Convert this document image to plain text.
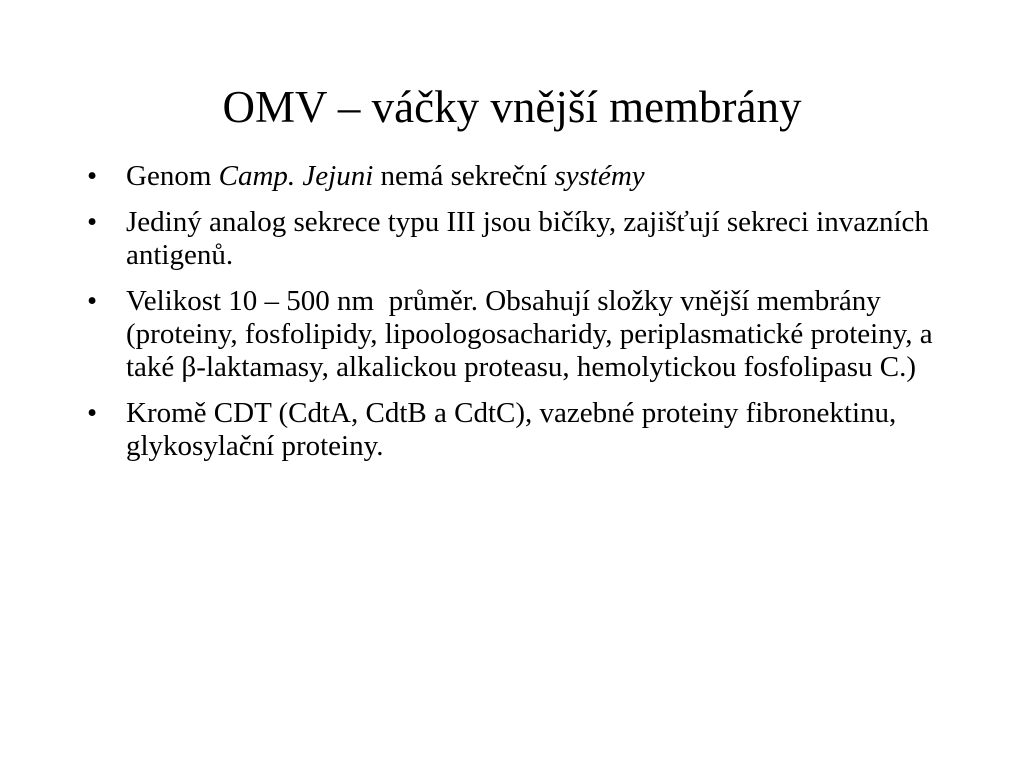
OMV – váčky vnější membrány
• Genom Camp. Jejuni nemá sekreční systémy
• Jediný analog sekrece typu III jsou bičíky, zajišťují sekreci invazních antigenů.
• Velikost 10 – 500 nm  průměr. Obsahují složky vnější membrány (proteiny, fosfolipidy, lipoologosacharidy, periplasmatické proteiny, a také β-laktamasy, alkalickou proteasu, hemolytickou fosfolipasu C.)
• Kromě CDT (CdtA, CdtB a CdtC), vazebné proteiny fibronektinu, glykosylační proteiny.
